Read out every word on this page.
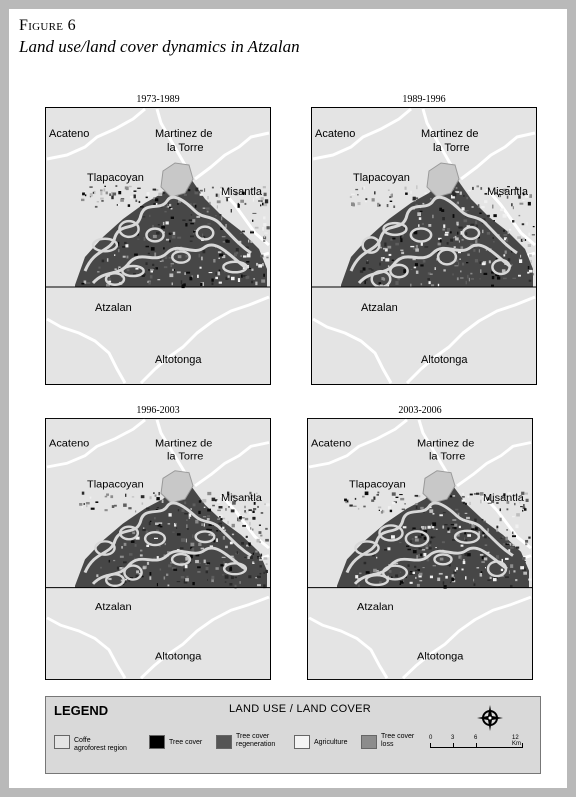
Figure 6
Land use/land cover dynamics in Atzalan
1973-1989
Acateno	Martinez de
la Torre
Tlapacoyan
Misantla
Atzalan
Altotonga
1989-1996
Acateno	Martinez de
la Torre
Tlapacoyan
Misantla
Atzalan
Altotonga
1996-2003
Acateno	Martinez de
la Torre
Tlapacoyan
Misantla
Atzalan
Altotonga
2003-2006
Acateno	Martinez de
la Torre
Tlapacoyan
Misantla
Atzalan
Altotonga
LEGEND	LAND USE / LAND COVER
Coffe
agroforest region
Tree cover
Tree cover
regeneration	Agriculture
Tree cover
loss
0	3	6	12 Km
